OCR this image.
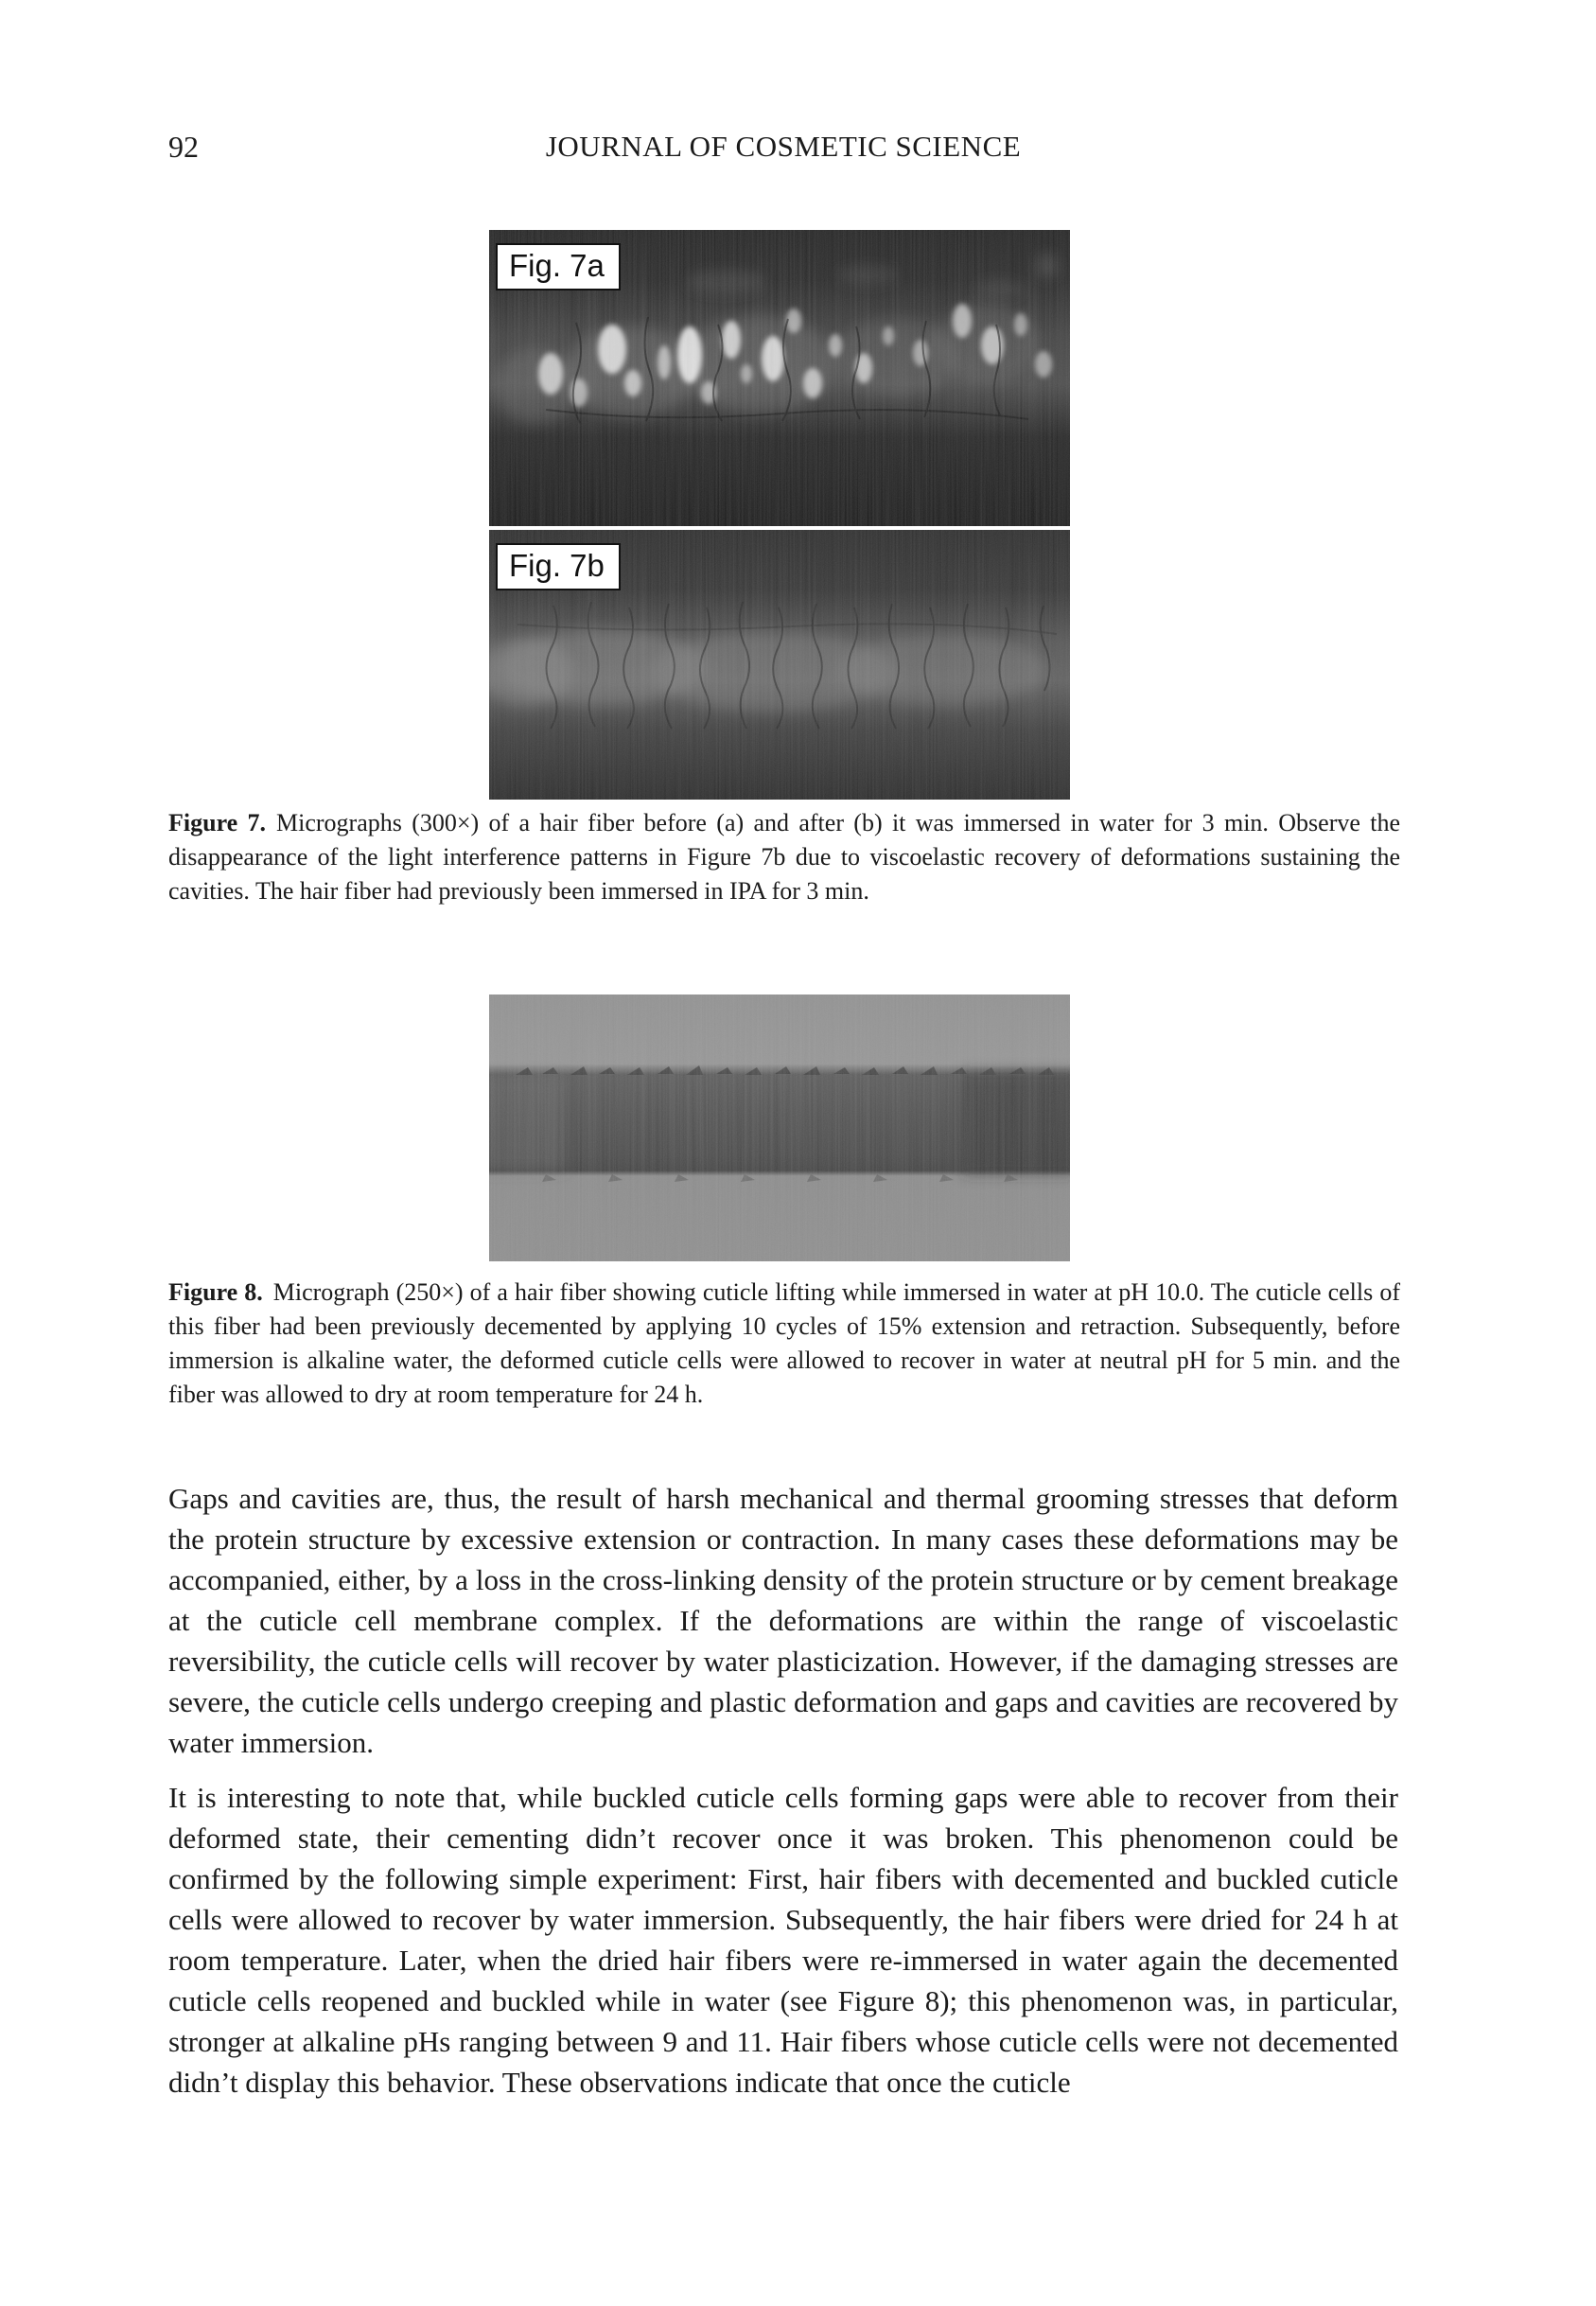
92	JOURNAL OF COSMETIC SCIENCE
Fig. 7a
Fig. 7b
Figure 7. Micrographs (300×) of a hair fiber before (a) and after (b) it was immersed in water for 3 min. Observe the disappearance of the light interference patterns in Figure 7b due to viscoelastic recovery of deformations sustaining the cavities. The hair fiber had previously been immersed in IPA for 3 min.
Figure 8. Micrograph (250×) of a hair fiber showing cuticle lifting while immersed in water at pH 10.0. The cuticle cells of this fiber had been previously decemented by applying 10 cycles of 15% extension and retraction. Subsequently, before immersion is alkaline water, the deformed cuticle cells were allowed to recover in water at neutral pH for 5 min. and the fiber was allowed to dry at room temperature for 24 h.

Gaps and cavities are, thus, the result of harsh mechanical and thermal grooming stresses that deform the protein structure by excessive extension or contraction. In many cases these deformations may be accompanied, either, by a loss in the cross-linking density of the protein structure or by cement breakage at the cuticle cell membrane complex. If the deformations are within the range of viscoelastic reversibility, the cuticle cells will recover by water plasticization. However, if the damaging stresses are severe, the cuticle cells undergo creeping and plastic deformation and gaps and cavities are recovered by water immersion.

It is interesting to note that, while buckled cuticle cells forming gaps were able to recover from their deformed state, their cementing didn’t recover once it was broken. This phenomenon could be confirmed by the following simple experiment: First, hair fibers with decemented and buckled cuticle cells were allowed to recover by water immersion. Subsequently, the hair fibers were dried for 24 h at room temperature. Later, when the dried hair fibers were re-immersed in water again the decemented cuticle cells reopened and buckled while in water (see Figure 8); this phenomenon was, in particular, stronger at alkaline pHs ranging between 9 and 11. Hair fibers whose cuticle cells were not decemented didn’t display this behavior. These observations indicate that once the cuticle
